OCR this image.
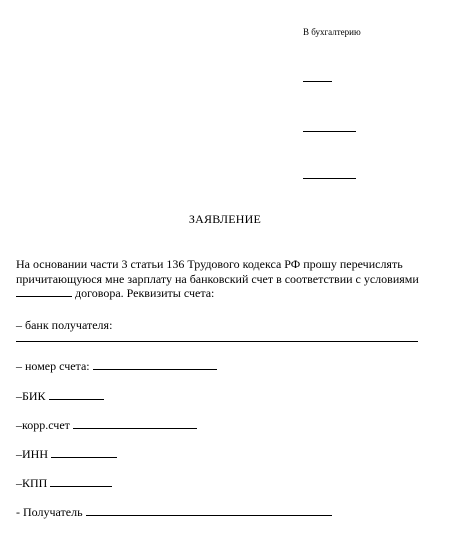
В бухгалтерию
ЗАЯВЛЕНИЕ
На основании части 3 статьи 136 Трудового кодекса РФ прошу перечислять
причитающуюся мне зарплату на банковский счет в соответствии с условиями
договора. Реквизиты счета:
– банк получателя:
– номер счета:
–БИК
–корр.счет
–ИНН
–КПП
- Получатель
